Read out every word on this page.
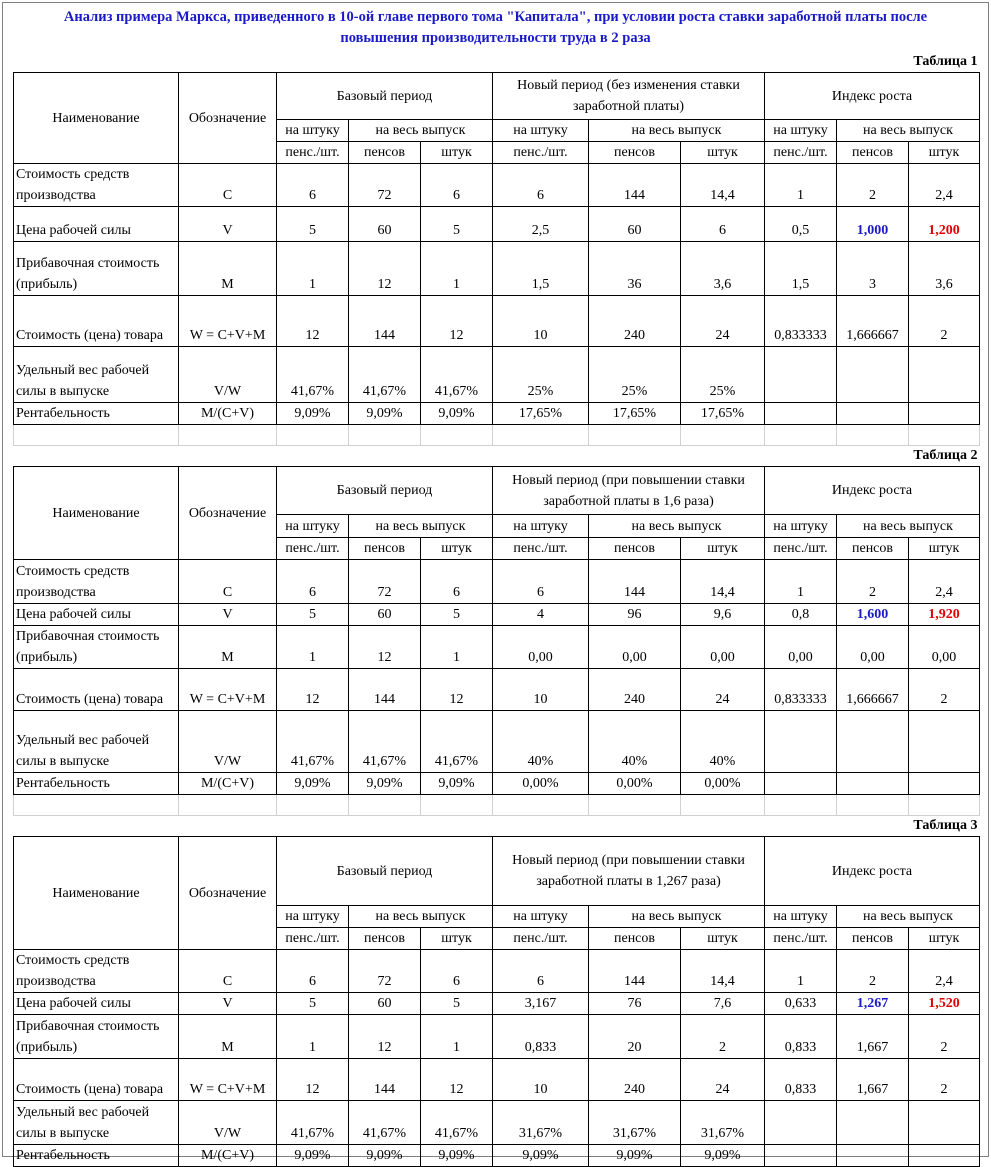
Анализ примера Маркса, приведенного в 10-ой главе первого тома "Капитала", при условии роста ставки заработной платы после
повышения производительности труда в 2 раза
Таблица 1										
Наименование	Обозначение	Базовый период			Новый период (без изменения ставки заработной платы)			Индекс роста		
		на штуку	на весь выпуск		на штуку	на весь выпуск		на штуку	на весь выпуск	
		пенс./шт.	пенсов	штук	пенс./шт.	пенсов	штук	пенс./шт.	пенсов	штук
Стоимость средств производства	C	6	72	6	6	144	14,4	1	2	2,4
Цена рабочей силы	V	5	60	5	2,5	60	6	0,5	1,000	1,200
Прибавочная стоимость (прибыль)	M	1	12	1	1,5	36	3,6	1,5	3	3,6
Стоимость (цена) товара	W = C+V+M	12	144	12	10	240	24	0,833333	1,666667	2
Удельный вес рабочей силы в выпуске	V/W	41,67%	41,67%	41,67%	25%	25%	25%			
Рентабельность	M/(C+V)	9,09%	9,09%	9,09%	17,65%	17,65%	17,65%			

Таблица 2										
Наименование	Обозначение	Базовый период			Новый период (при повышении ставки заработной платы в 1,6 раза)			Индекс роста		
		на штуку	на весь выпуск		на штуку	на весь выпуск		на штуку	на весь выпуск	
		пенс./шт.	пенсов	штук	пенс./шт.	пенсов	штук	пенс./шт.	пенсов	штук
Стоимость средств производства	C	6	72	6	6	144	14,4	1	2	2,4
Цена рабочей силы	V	5	60	5	4	96	9,6	0,8	1,600	1,920
Прибавочная стоимость (прибыль)	M	1	12	1	0,00	0,00	0,00	0,00	0,00	0,00
Стоимость (цена) товара	W = C+V+M	12	144	12	10	240	24	0,833333	1,666667	2
Удельный вес рабочей силы в выпуске	V/W	41,67%	41,67%	41,67%	40%	40%	40%			
Рентабельность	M/(C+V)	9,09%	9,09%	9,09%	0,00%	0,00%	0,00%			

Таблица 3										
Наименование	Обозначение	Базовый период			Новый период (при повышении ставки заработной платы в 1,267 раза)			Индекс роста		
		на штуку	на весь выпуск		на штуку	на весь выпуск		на штуку	на весь выпуск	
		пенс./шт.	пенсов	штук	пенс./шт.	пенсов	штук	пенс./шт.	пенсов	штук
Стоимость средств производства	C	6	72	6	6	144	14,4	1	2	2,4
Цена рабочей силы	V	5	60	5	3,167	76	7,6	0,633	1,267	1,520
Прибавочная стоимость (прибыль)	M	1	12	1	0,833	20	2	0,833	1,667	2
Стоимость (цена) товара	W = C+V+M	12	144	12	10	240	24	0,833	1,667	2
Удельный вес рабочей силы в выпуске	V/W	41,67%	41,67%	41,67%	31,67%	31,67%	31,67%			
Рентабельность	M/(C+V)	9,09%	9,09%	9,09%	9,09%	9,09%	9,09%			
